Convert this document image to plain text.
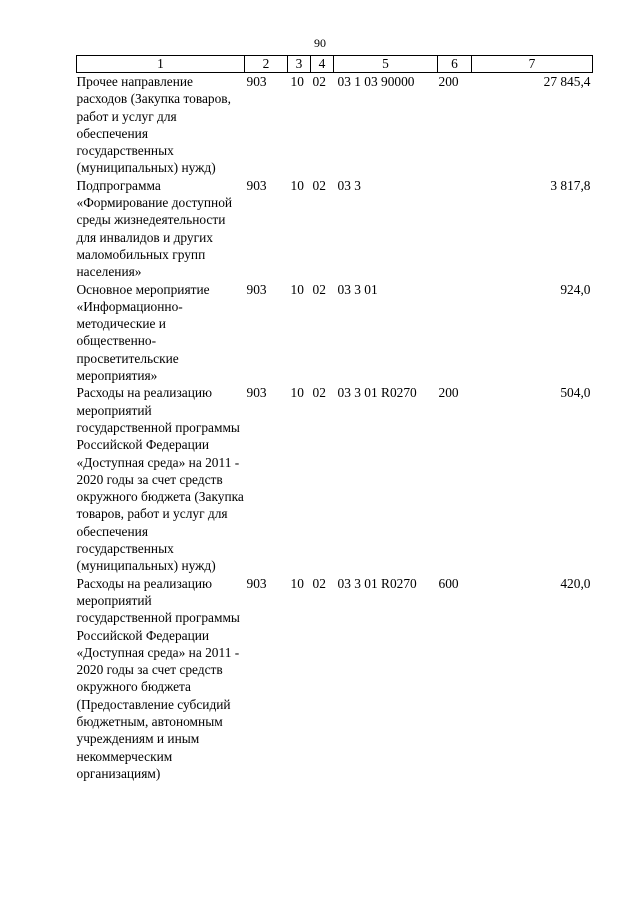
90
1	2	3	4	5	6	7
Прочее направление расходов (Закупка товаров, работ и услуг для обеспечения государственных (муниципальных) нужд)	903	10	02	03 1 03 90000	200	27 845,4
Подпрограмма «Формирование доступной среды жизнедеятельности для инвалидов и других маломобильных групп населения»	903	10	02	03 3		3 817,8
Основное мероприятие «Информационно-методические и общественно-просветительские мероприятия»	903	10	02	03 3 01		924,0
Расходы на реализацию мероприятий государственной программы Российской Федерации «Доступная среда» на 2011 - 2020 годы за счет средств окружного бюджета (Закупка товаров, работ и услуг для обеспечения государственных (муниципальных) нужд)	903	10	02	03 3 01 R0270	200	504,0
Расходы на реализацию мероприятий государственной программы Российской Федерации «Доступная среда» на 2011 - 2020 годы за счет средств окружного бюджета (Предоставление субсидий бюджетным, автономным учреждениям и иным некоммерческим организациям)	903	10	02	03 3 01 R0270	600	420,0
